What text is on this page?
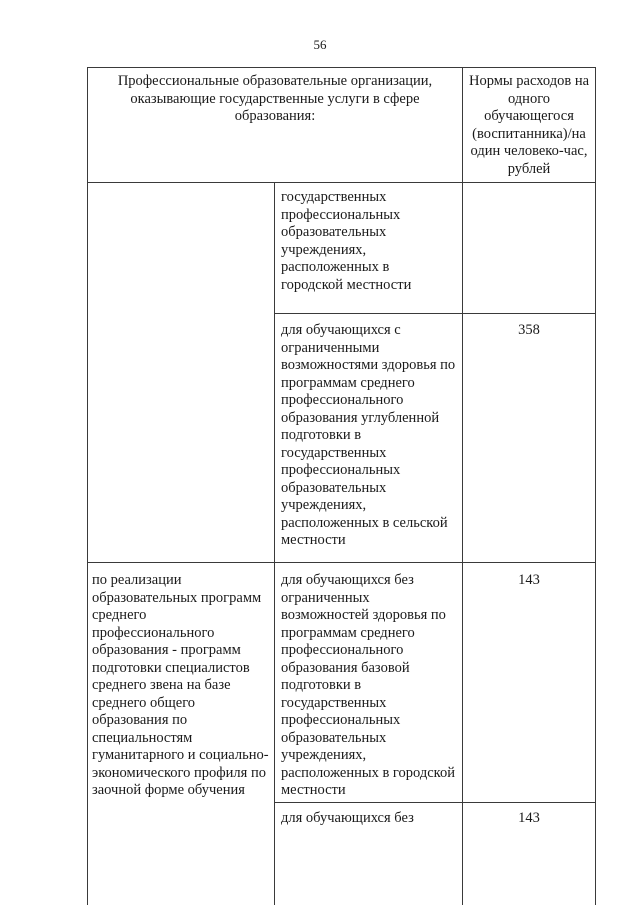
56
Профессиональные образовательные организации, оказывающие государственные услуги в сфере образования:
Нормы расходов на одного обучающегося (воспитанника)/на один человеко-час, рублей
государственных профессиональных образовательных учреждениях, расположенных в городской местности
для обучающихся с ограниченными возможностями здоровья по программам среднего профессионального образования углубленной подготовки в государственных профессиональных образовательных учреждениях, расположенных в сельской местности
358
по реализации образовательных программ среднего профессионального образования - программ подготовки специалистов среднего звена на базе среднего общего образования по специальностям гуманитарного и социально-экономического профиля по заочной форме обучения
для обучающихся без ограниченных возможностей здоровья по программам среднего профессионального образования базовой подготовки в государственных профессиональных образовательных учреждениях, расположенных в городской местности
143
для обучающихся без	143
